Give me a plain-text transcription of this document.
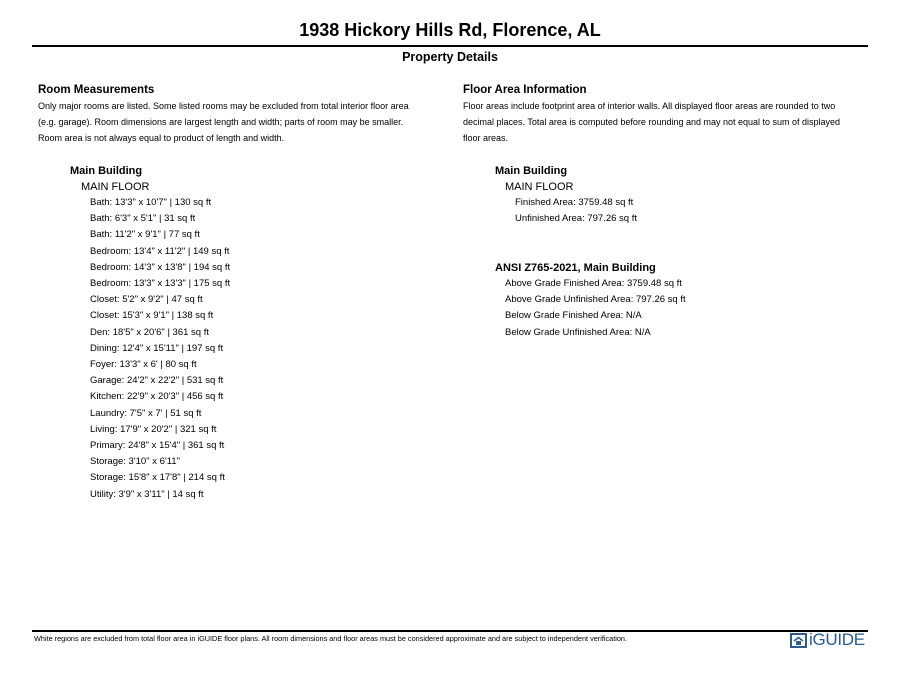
1938 Hickory Hills Rd, Florence, AL
Property Details
Room Measurements
Only major rooms are listed. Some listed rooms may be excluded from total interior floor area
(e.g. garage). Room dimensions are largest length and width; parts of room may be smaller.
Room area is not always equal to product of length and width.
Main Building
MAIN FLOOR
Bath: 13'3" x 10'7" | 130 sq ft
Bath: 6'3" x 5'1" | 31 sq ft
Bath: 11'2" x 9'1" | 77 sq ft
Bedroom: 13'4" x 11'2" | 149 sq ft
Bedroom: 14'3" x 13'8" | 194 sq ft
Bedroom: 13'3" x 13'3" | 175 sq ft
Closet: 5'2" x 9'2" | 47 sq ft
Closet: 15'3" x 9'1" | 138 sq ft
Den: 18'5" x 20'6" | 361 sq ft
Dining: 12'4" x 15'11" | 197 sq ft
Foyer: 13'3" x 6' | 80 sq ft
Garage: 24'2" x 22'2" | 531 sq ft
Kitchen: 22'9" x 20'3" | 456 sq ft
Laundry: 7'5" x 7' | 51 sq ft
Living: 17'9" x 20'2" | 321 sq ft
Primary: 24'8" x 15'4" | 361 sq ft
Storage: 3'10" x 6'11"
Storage: 15'8" x 17'8" | 214 sq ft
Utility: 3'9" x 3'11" | 14 sq ft
Floor Area Information
Floor areas include footprint area of interior walls. All displayed floor areas are rounded to two
decimal places. Total area is computed before rounding and may not equal to sum of displayed
floor areas.
Main Building
MAIN FLOOR
Finished Area: 3759.48 sq ft
Unfinished Area: 797.26 sq ft
ANSI Z765-2021, Main Building
Above Grade Finished Area: 3759.48 sq ft
Above Grade Unfinished Area: 797.26 sq ft
Below Grade Finished Area: N/A
Below Grade Unfinished Area: N/A
White regions are excluded from total floor area in iGUIDE floor plans. All room dimensions and floor areas must be considered approximate and are subject to independent verification.	iGUIDE
